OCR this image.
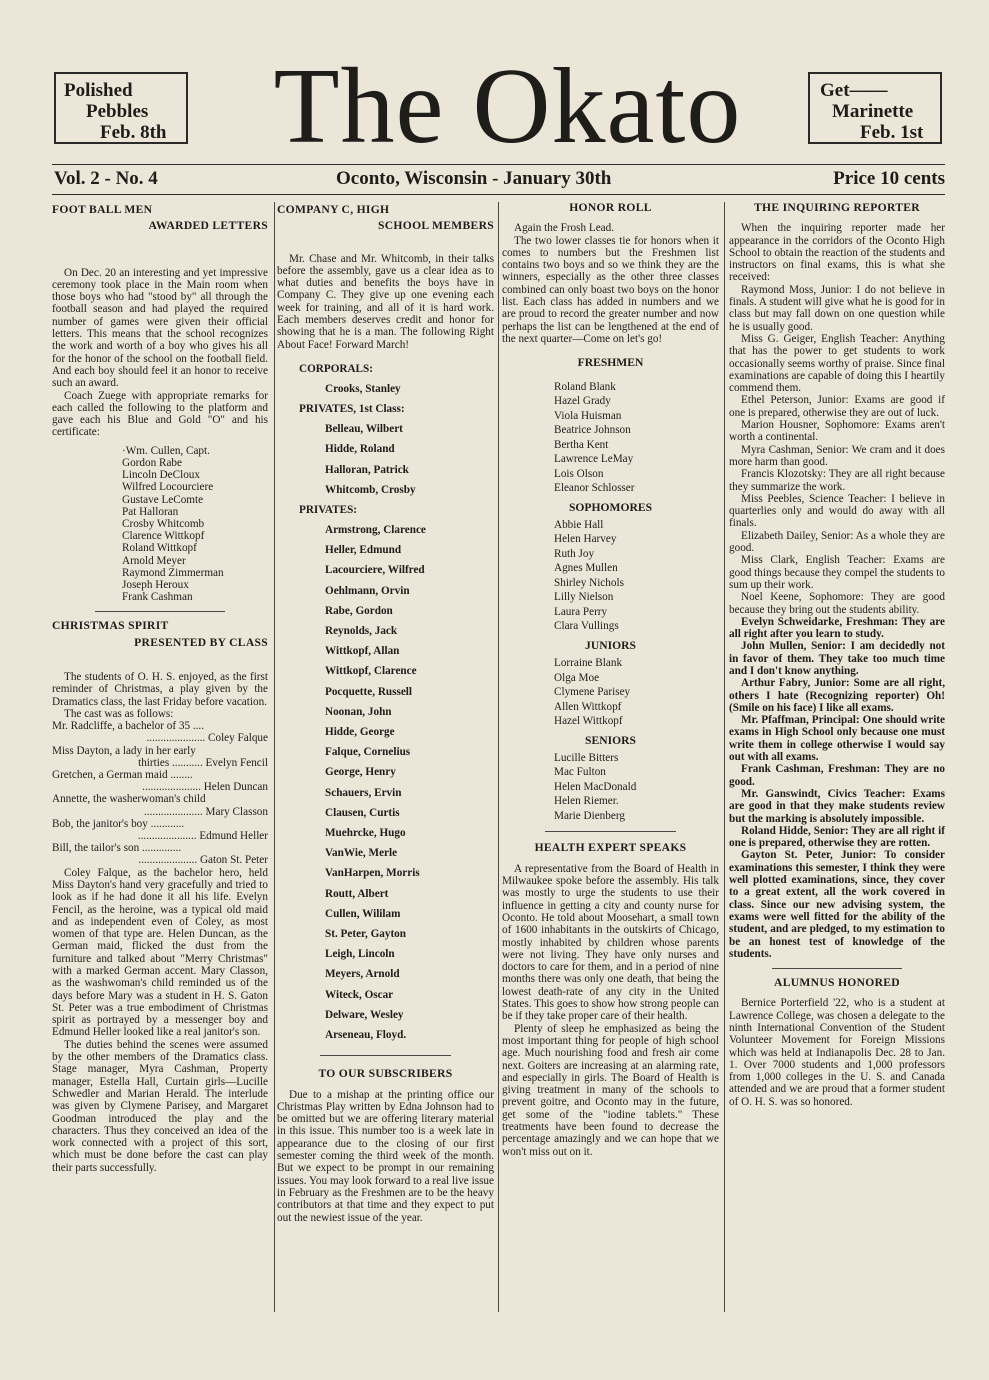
Polished
Pebbles
Feb. 8th The Okato	Get——
Marinette
Feb. 1st
Vol. 2 - No. 4	Oconto, Wisconsin - January 30th	Price 10 cents
FOOT BALL MEN
AWARDED LETTERS

On Dec. 20 an interesting and yet impressive ceremony took place in the Main room when those boys who had "stood by" all through the football season and had played the required number of games were given their official letters. This means that the school recognizes the work and worth of a boy who gives his all for the honor of the school on the football field. And each boy should feel it an honor to receive such an award.

Coach Zuege with appropriate remarks for each called the following to the platform and gave each his Blue and Gold "O" and his certificate:

·Wm. Cullen, Capt.
Gordon Rabe
Lincoln DeCloux
Wilfred Locourciere
Gustave LeComte
Pat Halloran
Crosby Whitcomb
Clarence Wittkopf
Roland Wittkopf
Arnold Meyer
Raymond Zimmerman
Joseph Heroux
Frank Cashman
CHRISTMAS SPIRIT
PRESENTED BY CLASS

The students of O. H. S. enjoyed, as the first reminder of Christmas, a play given by the Dramatics class, the last Friday before vacation.

The cast was as follows:

Mr. Radcliffe, a bachelor of 35 ....
..................... Coley Falque
Miss Dayton, a lady in her early
thirties ........... Evelyn Fencil
Gretchen, a German maid ........
..................... Helen Duncan
Annette, the washerwoman's child
..................... Mary Classon
Bob, the janitor's boy ............
..................... Edmund Heller
Bill, the tailor's son ..............
..................... Gaton St. Peter

Coley Falque, as the bachelor hero, held Miss Dayton's hand very gracefully and tried to look as if he had done it all his life. Evelyn Fencil, as the heroine, was a typical old maid and as independent even of Coley, as most women of that type are. Helen Duncan, as the German maid, flicked the dust from the furniture and talked about "Merry Christmas" with a marked German accent. Mary Classon, as the washwoman's child reminded us of the days before Mary was a student in H. S. Gaton St. Peter was a true embodiment of Christmas spirit as portrayed by a messenger boy and Edmund Heller looked like a real janitor's son.

The duties behind the scenes were assumed by the other members of the Dramatics class. Stage manager, Myra Cashman, Property manager, Estella Hall, Curtain girls—Lucille Schwedler and Marian Herald. The interlude was given by Clymene Parisey, and Margaret Goodman introduced the play and the characters. Thus they conceived an idea of the work connected with a project of this sort, which must be done before the cast can play their parts successfully.

COMPANY C, HIGH
SCHOOL MEMBERS

Mr. Chase and Mr. Whitcomb, in their talks before the assembly, gave us a clear idea as to what duties and benefits the boys have in Company C. They give up one evening each week for training, and all of it is hard work. Each members deserves credit and honor for showing that he is a man. The following Right About Face! Forward March!

CORPORALS:
Crooks, Stanley
PRIVATES, 1st Class:
Belleau, Wilbert
Hidde, Roland
Halloran, Patrick
Whitcomb, Crosby
PRIVATES:
Armstrong, Clarence
Heller, Edmund
Lacourciere, Wilfred
Oehlmann, Orvin
Rabe, Gordon
Reynolds, Jack
Wittkopf, Allan
Wittkopf, Clarence
Pocquette, Russell
Noonan, John
Hidde, George
Falque, Cornelius
George, Henry
Schauers, Ervin
Clausen, Curtis
Muehrcke, Hugo
VanWie, Merle
VanHarpen, Morris
Routt, Albert
Cullen, Wililam
St. Peter, Gayton
Leigh, Lincoln
Meyers, Arnold
Witeck, Oscar
Delware, Wesley
Arseneau, Floyd.
TO OUR SUBSCRIBERS

Due to a mishap at the printing office our Christmas Play written by Edna Johnson had to be omitted but we are offering literary material in this issue. This number too is a week late in appearance due to the closing of our first semester coming the third week of the month. But we expect to be prompt in our remaining issues. You may look forward to a real live issue in February as the Freshmen are to be the heavy contributors at that time and they expect to put out the newiest issue of the year.

HONOR ROLL

Again the Frosh Lead.

The two lower classes tie for honors when it comes to numbers but the Freshmen list contains two boys and so we think they are the winners, especially as the other three classes combined can only boast two boys on the honor list. Each class has added in numbers and we are proud to record the greater number and now perhaps the list can be lengthened at the end of the next quarter—Come on let's go!

FRESHMEN
Roland Blank
Hazel Grady
Viola Huisman
Beatrice Johnson
Bertha Kent
Lawrence LeMay
Lois Olson
Eleanor Schlosser
SOPHOMORES
Abbie Hall
Helen Harvey
Ruth Joy
Agnes Mullen
Shirley Nichols
Lilly Nielson
Laura Perry
Clara Vullings
JUNIORS
Lorraine Blank
Olga Moe
Clymene Parisey
Allen Wittkopf
Hazel Wittkopf
SENIORS
Lucille Bitters
Mac Fulton
Helen MacDonald
Helen Riemer.
Marie Dienberg
HEALTH EXPERT SPEAKS

A representative from the Board of Health in Milwaukee spoke before the assembly. His talk was mostly to urge the students to use their influence in getting a city and county nurse for Oconto. He told about Moosehart, a small town of 1600 inhabitants in the outskirts of Chicago, mostly inhabited by children whose parents were not living. They have only nurses and doctors to care for them, and in a period of nine months there was only one death, that being the lowest death-rate of any city in the United States. This goes to show how strong people can be if they take proper care of their health.

Plenty of sleep he emphasized as being the most important thing for people of high school age. Much nourishing food and fresh air come next. Goiters are increasing at an alarming rate, and especially in girls. The Board of Health is giving treatment in many of the schools to prevent goitre, and Oconto may in the future, get some of the "iodine tablets." These treatments have been found to decrease the percentage amazingly and we can hope that we won't miss out on it.

THE INQUIRING REPORTER

When the inquiring reporter made her appearance in the corridors of the Oconto High School to obtain the reaction of the students and instructors on final exams, this is what she received:

Raymond Moss, Junior: I do not believe in finals. A student will give what he is good for in class but may fall down on one question while he is usually good.

Miss G. Geiger, English Teacher: Anything that has the power to get students to work occasionally seems worthy of praise. Since final examinations are capable of doing this I heartily commend them.

Ethel Peterson, Junior: Exams are good if one is prepared, otherwise they are out of luck.

Marion Housner, Sophomore: Exams aren't worth a continental.

Myra Cashman, Senior: We cram and it does more harm than good.

Francis Klozotsky: They are all right because they summarize the work.

Miss Peebles, Science Teacher: I believe in quarterlies only and would do away with all finals.

Elizabeth Dailey, Senior: As a whole they are good.

Miss Clark, English Teacher: Exams are good things because they compel the students to sum up their work.

Noel Keene, Sophomore: They are good because they bring out the students ability.

Evelyn Schweidarke, Freshman: They are all right after you learn to study.

John Mullen, Senior: I am decidedly not in favor of them. They take too much time and I don't know anything.

Arthur Fabry, Junior: Some are all right, others I hate (Recognizing reporter) Oh! (Smile on his face) I like all exams.

Mr. Pfaffman, Principal: One should write exams in High School only because one must write them in college otherwise I would say out with all exams.

Frank Cashman, Freshman: They are no good.

Mr. Ganswindt, Civics Teacher: Exams are good in that they make students review but the marking is absolutely impossible.

Roland Hidde, Senior: They are all right if one is prepared, otherwise they are rotten.

Gayton St. Peter, Junior: To consider examinations this semester, I think they were well plotted examinations, since, they cover to a great extent, all the work covered in class. Since our new advising system, the exams were well fitted for the ability of the student, and are pledged, to my estimation to be an honest test of knowledge of the students.

ALUMNUS HONORED

Bernice Porterfield '22, who is a student at Lawrence College, was chosen a delegate to the ninth International Convention of the Student Volunteer Movement for Foreign Missions which was held at Indianapolis Dec. 28 to Jan. 1. Over 7000 students and 1,000 professors from 1,000 colleges in the U. S. and Canada attended and we are proud that a former student of O. H. S. was so honored.
